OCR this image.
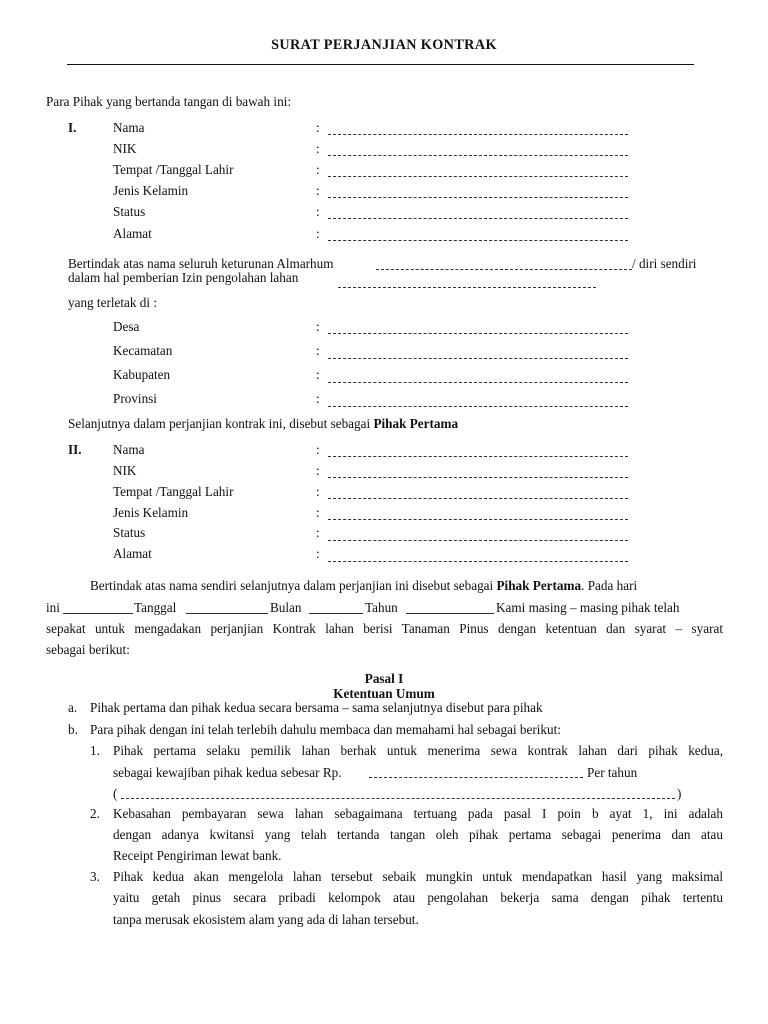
SURAT PERJANJIAN KONTRAK
Para Pihak yang bertanda tangan di bawah ini:
I.	Nama	:
NIK	:
Tempat /Tanggal Lahir	:
Jenis Kelamin	:
Status	:
Alamat	:
Bertindak atas nama seluruh keturunan Almarhum	/ diri sendiri
dalam hal pemberian Izin pengolahan lahan
yang terletak di :
Desa	:
Kecamatan	:
Kabupaten	:
Provinsi	:
Selanjutnya dalam perjanjian kontrak ini, disebut sebagai Pihak Pertama
II. Nama	:
NIK	:
Tempat /Tanggal Lahir	:
Jenis Kelamin	:
Status	:
Alamat	:
Bertindak atas nama sendiri selanjutnya dalam perjanjian ini disebut sebagai Pihak Pertama. Pada hari
ini	Tanggal	Bulan	Tahun	Kami masing – masing pihak telah
sepakat untuk mengadakan perjanjian Kontrak lahan berisi Tanaman Pinus dengan ketentuan dan syarat – syarat
sebagai berikut:
Pasal I
Ketentuan Umum
a. Pihak pertama dan pihak kedua secara bersama – sama selanjutnya disebut para pihak
b. Para pihak dengan ini telah terlebih dahulu membaca dan memahami hal sebagai berikut:
1. Pihak pertama selaku pemilik lahan berhak untuk menerima sewa kontrak lahan dari pihak kedua,
sebagai kewajiban pihak kedua sebesar Rp.	Per tahun
(	)
2. Kebasahan pembayaran sewa lahan sebagaimana tertuang pada pasal I poin b ayat 1, ini adalah
dengan adanya kwitansi yang telah tertanda tangan oleh pihak pertama sebagai penerima dan atau
Receipt Pengiriman lewat bank.
3. Pihak kedua akan mengelola lahan tersebut sebaik mungkin untuk mendapatkan hasil yang maksimal
yaitu getah pinus secara pribadi kelompok atau pengolahan bekerja sama dengan pihak tertentu
tanpa merusak ekosistem alam yang ada di lahan tersebut.
